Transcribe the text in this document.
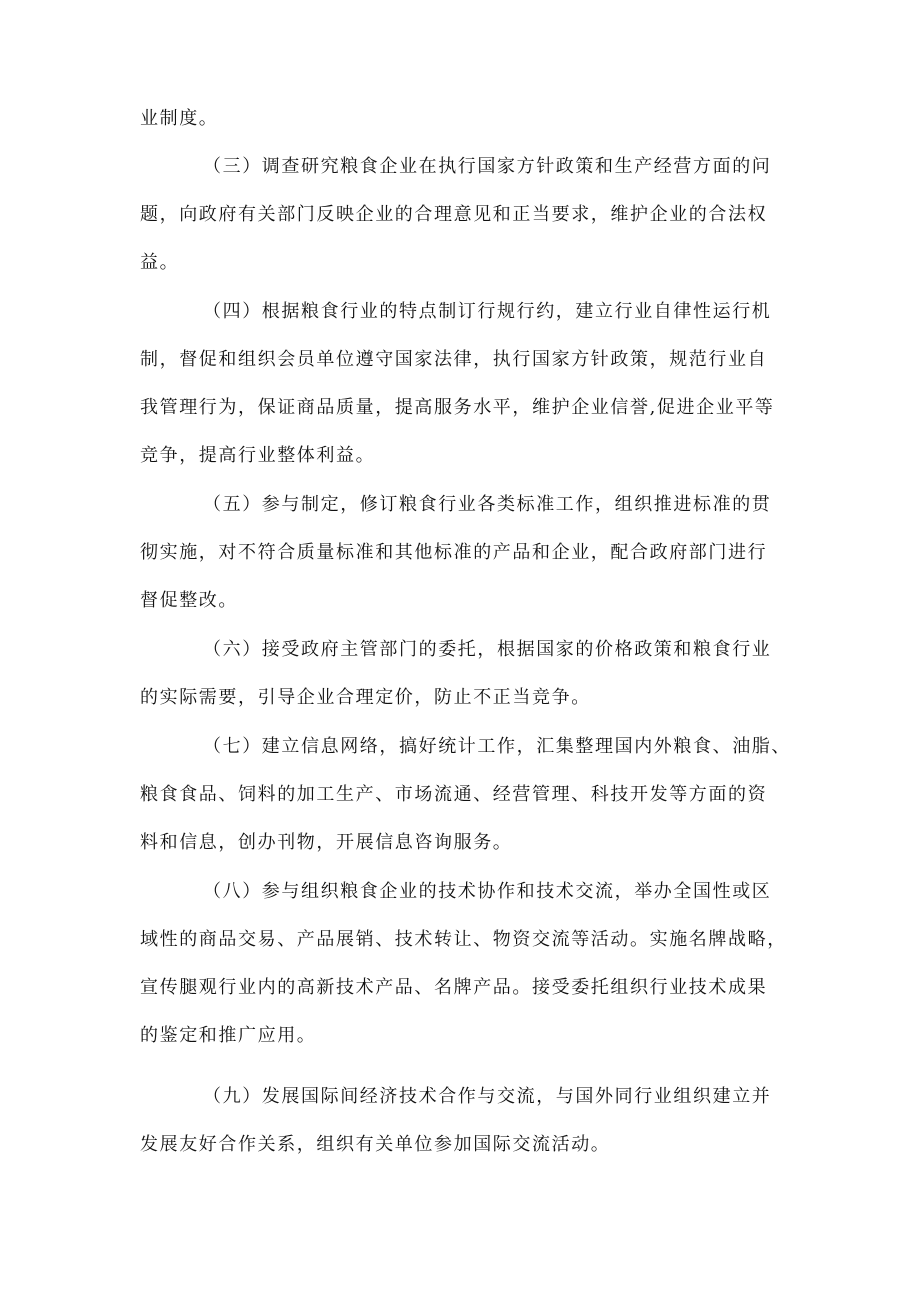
业制度。
（三）调查研究粮食企业在执行国家方针政策和生产经营方面的问
题，向政府有关部门反映企业的合理意见和正当要求，维护企业的合法权
益。
（四）根据粮食行业的特点制订行规行约，建立行业自律性运行机
制，督促和组织会员单位遵守国家法律，执行国家方针政策，规范行业自
我管理行为，保证商品质量，提高服务水平，维护企业信誉,促进企业平等
竞争，提高行业整体利益。
（五）参与制定，修订粮食行业各类标准工作，组织推进标准的贯
彻实施，对不符合质量标准和其他标准的产品和企业，配合政府部门进行
督促整改。
（六）接受政府主管部门的委托，根据国家的价格政策和粮食行业
的实际需要，引导企业合理定价，防止不正当竞争。
（七）建立信息网络，搞好统计工作，汇集整理国内外粮食、油脂、
粮食食品、饲料的加工生产、市场流通、经营管理、科技开发等方面的资
料和信息，创办刊物，开展信息咨询服务。
（八）参与组织粮食企业的技术协作和技术交流，举办全国性或区
域性的商品交易、产品展销、技术转让、物资交流等活动。实施名牌战略，
宣传腿观行业内的高新技术产品、名牌产品。接受委托组织行业技术成果
的鉴定和推广应用。
（九）发展国际间经济技术合作与交流，与国外同行业组织建立并
发展友好合作关系，组织有关单位参加国际交流活动。
